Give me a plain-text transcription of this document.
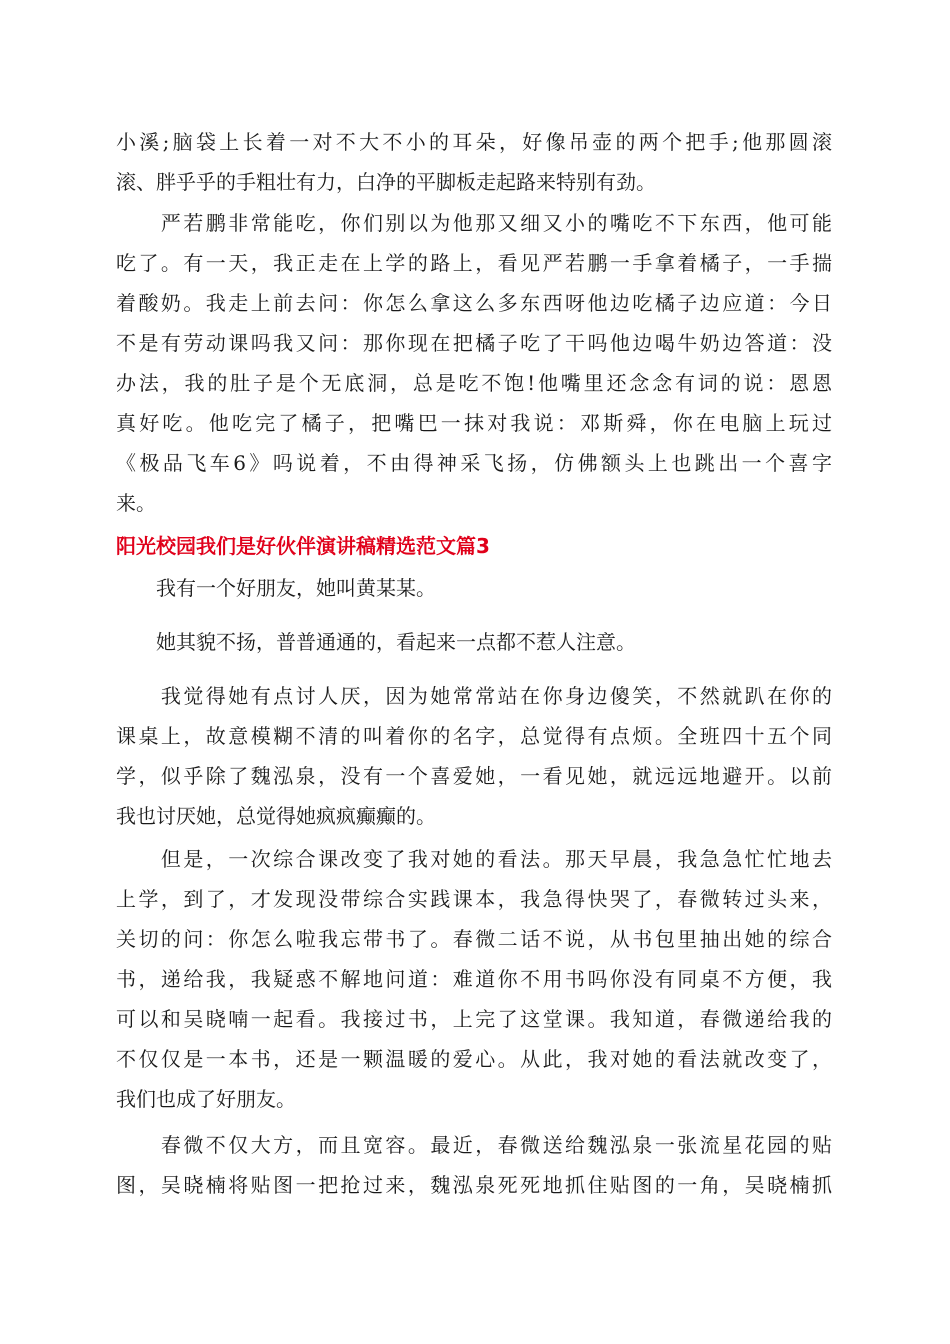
小溪;脑袋上长着一对不大不小的耳朵，好像吊壶的两个把手;他那圆滚
滚、胖乎乎的手粗壮有力，白净的平脚板走起路来特别有劲。
　　严若鹏非常能吃，你们别以为他那又细又小的嘴吃不下东西，他可能
吃了。有一天，我正走在上学的路上，看见严若鹏一手拿着橘子，一手揣
着酸奶。我走上前去问：你怎么拿这么多东西呀他边吃橘子边应道：今日
不是有劳动课吗我又问：那你现在把橘子吃了干吗他边喝牛奶边答道：没
办法，我的肚子是个无底洞，总是吃不饱!他嘴里还念念有词的说：恩恩
真好吃。他吃完了橘子，把嘴巴一抹对我说：邓斯舜，你在电脑上玩过
《极品飞车6》吗说着，不由得神采飞扬，仿佛额头上也跳出一个喜字
来。
阳光校园我们是好伙伴演讲稿精选范文篇3
　　我有一个好朋友，她叫黄某某。
　　她其貌不扬，普普通通的，看起来一点都不惹人注意。
　　我觉得她有点讨人厌，因为她常常站在你身边傻笑，不然就趴在你的
课桌上，故意模糊不清的叫着你的名字，总觉得有点烦。全班四十五个同
学，似乎除了魏泓泉，没有一个喜爱她，一看见她，就远远地避开。以前
我也讨厌她，总觉得她疯疯癫癫的。
　　但是，一次综合课改变了我对她的看法。那天早晨，我急急忙忙地去
上学，到了，才发现没带综合实践课本，我急得快哭了，春微转过头来，
关切的问：你怎么啦我忘带书了。春微二话不说，从书包里抽出她的综合
书，递给我，我疑惑不解地问道：难道你不用书吗你没有同桌不方便，我
可以和吴晓喃一起看。我接过书，上完了这堂课。我知道，春微递给我的
不仅仅是一本书，还是一颗温暖的爱心。从此，我对她的看法就改变了，
我们也成了好朋友。
　　春微不仅大方，而且宽容。最近，春微送给魏泓泉一张流星花园的贴
图，吴晓楠将贴图一把抢过来，魏泓泉死死地抓住贴图的一角，吴晓楠抓
